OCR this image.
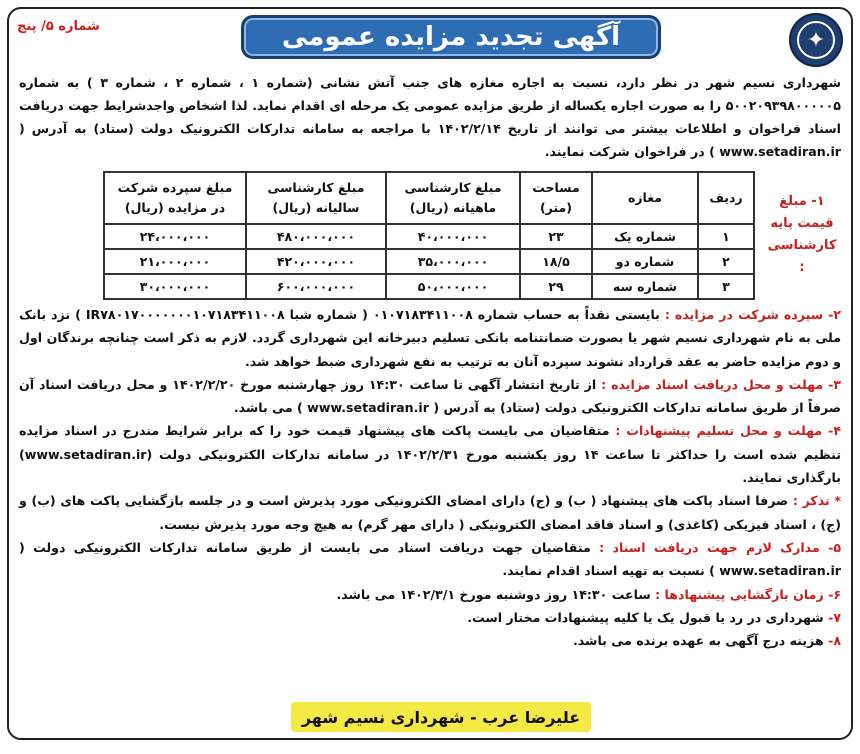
✦
آگهی تجدید مزایده عمومی
شماره ۵/ پنج
شهرداری نسیم شهر در نظر دارد، نسبت به اجاره مغازه های جنب آتش نشانی (شماره ۱ ، شماره ۲ ، شماره ۳ ) به شماره ۵۰۰۲۰۹۳۹۸۰۰۰۰۰۵ را به صورت اجاره یکساله از طریق مزایده عمومی یک مرحله ای اقدام نماید. لذا اشخاص واجدشرایط جهت دریافت اسناد فراخوان و اطلاعات بیشتر می توانند از تاریخ ۱۴۰۲/۲/۱۴ با مراجعه به سامانه تدارکات الکترونیک دولت (ستاد) به آدرس ( www.setadiran.ir ) در فراخوان شرکت نمایند.
۱- مبلغ قیمت پایه کارشناسی :
ردیف	مغازه	مساحت (متر)	مبلغ کارشناسی ماهیانه (ریال)	مبلغ کارشناسی سالیانه (ریال)	مبلغ سپرده شرکت در مزایده (ریال)
۱	شماره یک	۲۳	۴۰،۰۰۰،۰۰۰	۴۸۰،۰۰۰،۰۰۰	۲۴،۰۰۰،۰۰۰
۲	شماره دو	۱۸/۵	۳۵،۰۰۰،۰۰۰	۴۲۰،۰۰۰،۰۰۰	۲۱،۰۰۰،۰۰۰
۳	شماره سه	۲۹	۵۰،۰۰۰،۰۰۰	۶۰۰،۰۰۰،۰۰۰	۳۰،۰۰۰،۰۰۰

۲- سپرده شرکت در مزایده : بایستی نقداً به حساب شماره ۰۱۰۷۱۸۳۴۱۱۰۰۸ ( شماره شبا IR۷۸۰۱۷۰۰۰۰۰۰۰۱۰۷۱۸۳۴۱۱۰۰۸ ) نزد بانک ملی به نام شهرداری نسیم شهر یا بصورت ضمانتنامه بانکی تسلیم دبیرخانه این شهرداری گردد. لازم به ذکر است چنانچه برندگان اول و دوم مزایده حاضر به عقد قرارداد نشوند سپرده آنان به ترتیب به نفع شهرداری ضبط خواهد شد.

۳- مهلت و محل دریافت اسناد مزایده : از تاریخ انتشار آگهی تا ساعت ۱۴:۳۰ روز چهارشنبه مورخ ۱۴۰۲/۲/۲۰ و محل دریافت اسناد آن صرفاً از طریق سامانه تدارکات الکترونیکی دولت (ستاد) به آدرس ( www.setadiran.ir ) می باشد.

۴- مهلت و محل تسلیم پیشنهادات : متقاضیان می بایست پاکت های پیشنهاد قیمت خود را که برابر شرایط مندرج در اسناد مزایده تنظیم شده است را حداکثر تا ساعت ۱۴ روز یکشنبه مورخ ۱۴۰۲/۲/۳۱ در سامانه تدارکات الکترونیکی دولت (www.setadiran.ir) بارگذاری نمایند.

* تذکر : صرفا اسناد پاکت های پیشنهاد ( ب) و (ج) دارای امضای الکترونیکی مورد پذیرش است و در جلسه بازگشایی پاکت های (ب) و (ج) ، اسناد فیزیکی (کاغذی) و اسناد فاقد امضای الکترونیکی ( دارای مهر گرم) به هیچ وجه مورد پذیرش نیست.

۵- مدارک لازم جهت دریافت اسناد : متقاضیان جهت دریافت اسناد می بایست از طریق سامانه تدارکات الکترونیکی دولت ( www.setadiran.ir ) نسبت به تهیه اسناد اقدام نمایند.

۶- زمان بازگشایی پیشنهادها : ساعت ۱۴:۳۰ روز دوشنبه مورخ ۱۴۰۲/۳/۱ می باشد.

۷- شهرداری در رد یا قبول یک یا کلیه پیشنهادات مختار است.

۸- هزینه درج آگهی به عهده برنده می باشد.

علیرضا عرب - شهرداری نسیم شهر
